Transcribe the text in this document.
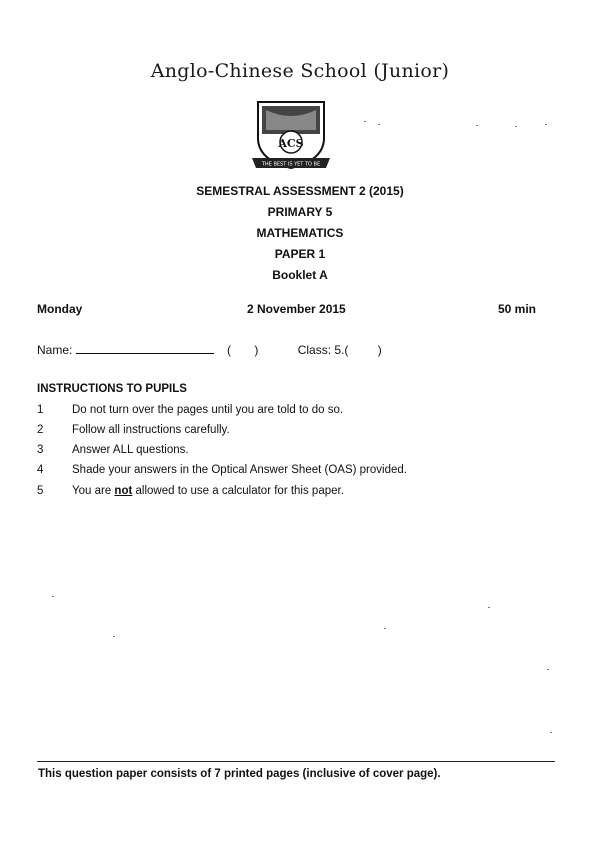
Anglo-Chinese School (Junior)
ACS
THE BEST IS YET TO BE
SEMESTRAL ASSESSMENT 2 (2015)
PRIMARY 5
MATHEMATICS
PAPER 1
Booklet A
Monday	2 November 2015	50 min
Name:	( )	Class: 5.( )
INSTRUCTIONS TO PUPILS
1 Do not turn over the pages until you are told to do so.
2 Follow all instructions carefully.
3 Answer ALL questions.
4 Shade your answers in the Optical Answer Sheet (OAS) provided.
5 You are not allowed to use a calculator for this paper.
This question paper consists of 7 printed pages (inclusive of cover page).
